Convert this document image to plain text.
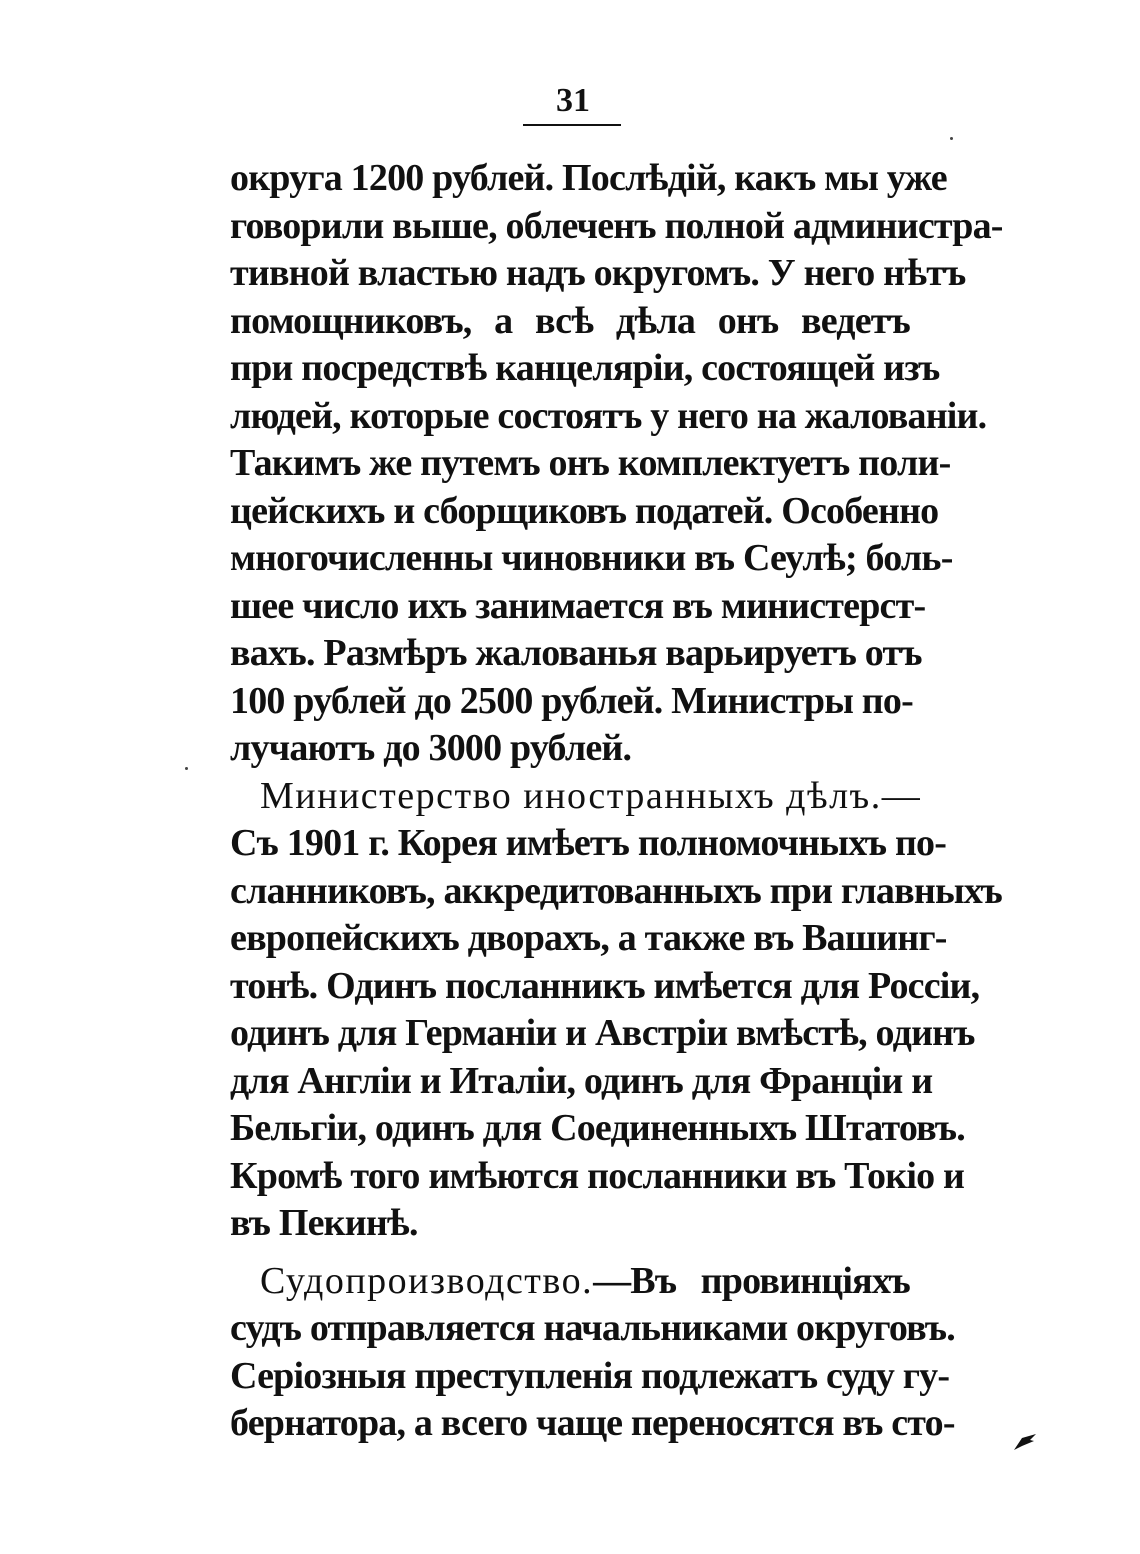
31
округа 1200 рублей. Послѣдій, какъ мы уже
говорили выше, облеченъ полной администра-
тивной властью надъ округомъ. У него нѣтъ
помощниковъ, а всѣ дѣла онъ ведетъ
при посредствѣ канцеляріи, состоящей изъ
людей, которые состоятъ у него на жалованіи.
Такимъ же путемъ онъ комплектуетъ поли-
цейскихъ и сборщиковъ податей. Особенно
многочисленны чиновники въ Сеулѣ; боль-
шее число ихъ занимается въ министерст-
вахъ. Размѣръ жалованья варьируетъ отъ
100 рублей до 2500 рублей. Министры по-
лучаютъ до 3000 рублей.
Министерство иностранныхъ дѣлъ.—
Съ 1901 г. Корея имѣетъ полномочныхъ по-
сланниковъ, аккредитованныхъ при главныхъ
европейскихъ дворахъ, а также въ Вашинг-
тонѣ. Одинъ посланникъ имѣется для Россіи,
одинъ для Германіи и Австріи вмѣстѣ, одинъ
для Англіи и Италіи, одинъ для Франціи и
Бельгіи, одинъ для Соединенныхъ Штатовъ.
Кромѣ того имѣются посланники въ Токіо и
въ Пекинѣ.
Судопроизводство.—Въ провинціяхъ
судъ отправляется начальниками округовъ.
Серіозныя преступленія подлежатъ суду гу-
бернатора, а всего чаще переносятся въ сто-
